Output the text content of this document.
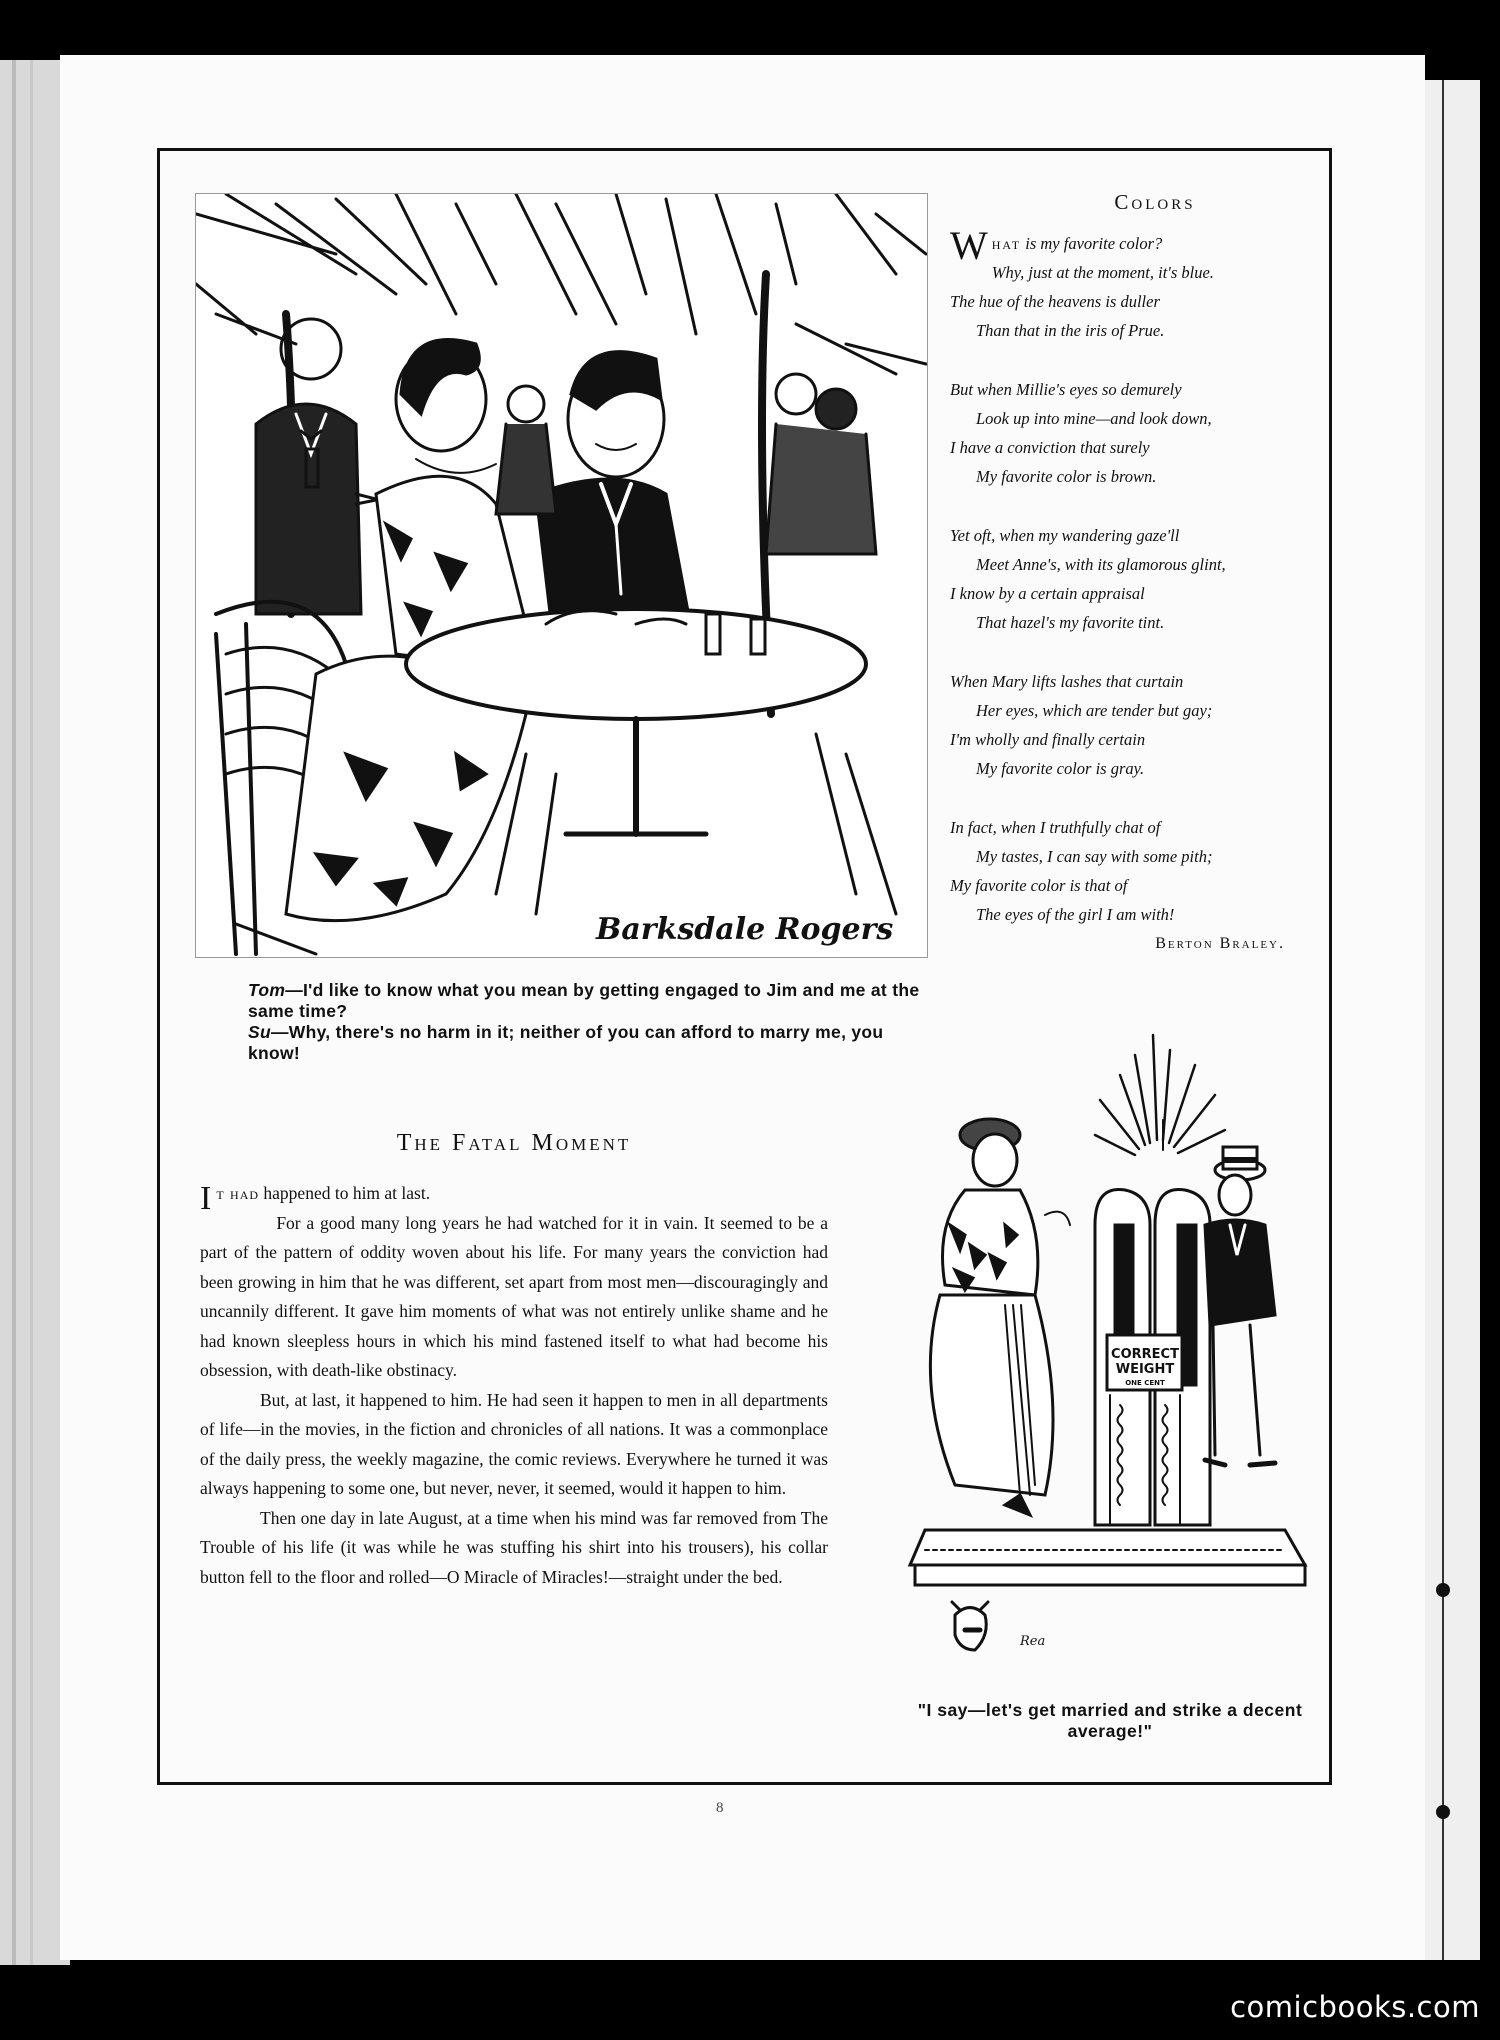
Barksdale Rogers

Tom—I'd like to know what you mean by getting engaged to Jim and me at the same time?

Su—Why, there's no harm in it; neither of you can afford to marry me, you know!

Colors
What is my favorite color?
Why, just at the moment, it's blue.
The hue of the heavens is duller
Than that in the iris of Prue.
But when Millie's eyes so demurely
Look up into mine—and look down,
I have a conviction that surely
My favorite color is brown.
Yet oft, when my wandering gaze'll
Meet Anne's, with its glamorous glint,
I know by a certain appraisal
That hazel's my favorite tint.
When Mary lifts lashes that curtain
Her eyes, which are tender but gay;
I'm wholly and finally certain
My favorite color is gray.
In fact, when I truthfully chat of
My tastes, I can say with some pith;
My favorite color is that of
The eyes of the girl I am with!
Berton Braley.
The Fatal Moment

It had happened to him at last.

For a good many long years he had watched for it in vain. It seemed to be a part of the pattern of oddity woven about his life. For many years the conviction had been growing in him that he was different, set apart from most men—discouragingly and uncannily different. It gave him moments of what was not entirely unlike shame and he had known sleepless hours in which his mind fastened itself to what had become his obsession, with death-like obstinacy.

But, at last, it happened to him. He had seen it happen to men in all departments of life—in the movies, in the fiction and chronicles of all nations. It was a commonplace of the daily press, the weekly magazine, the comic reviews. Everywhere he turned it was always happening to some one, but never, never, it seemed, would it happen to him.

Then one day in late August, at a time when his mind was far removed from The Trouble of his life (it was while he was stuffing his shirt into his trousers), his collar button fell to the floor and rolled—O Miracle of Miracles!—straight under the bed.

CORRECT
WEIGHT
ONE CENT
Rea
"I say—let's get married and strike a decent average!"
8
comicbooks.com
